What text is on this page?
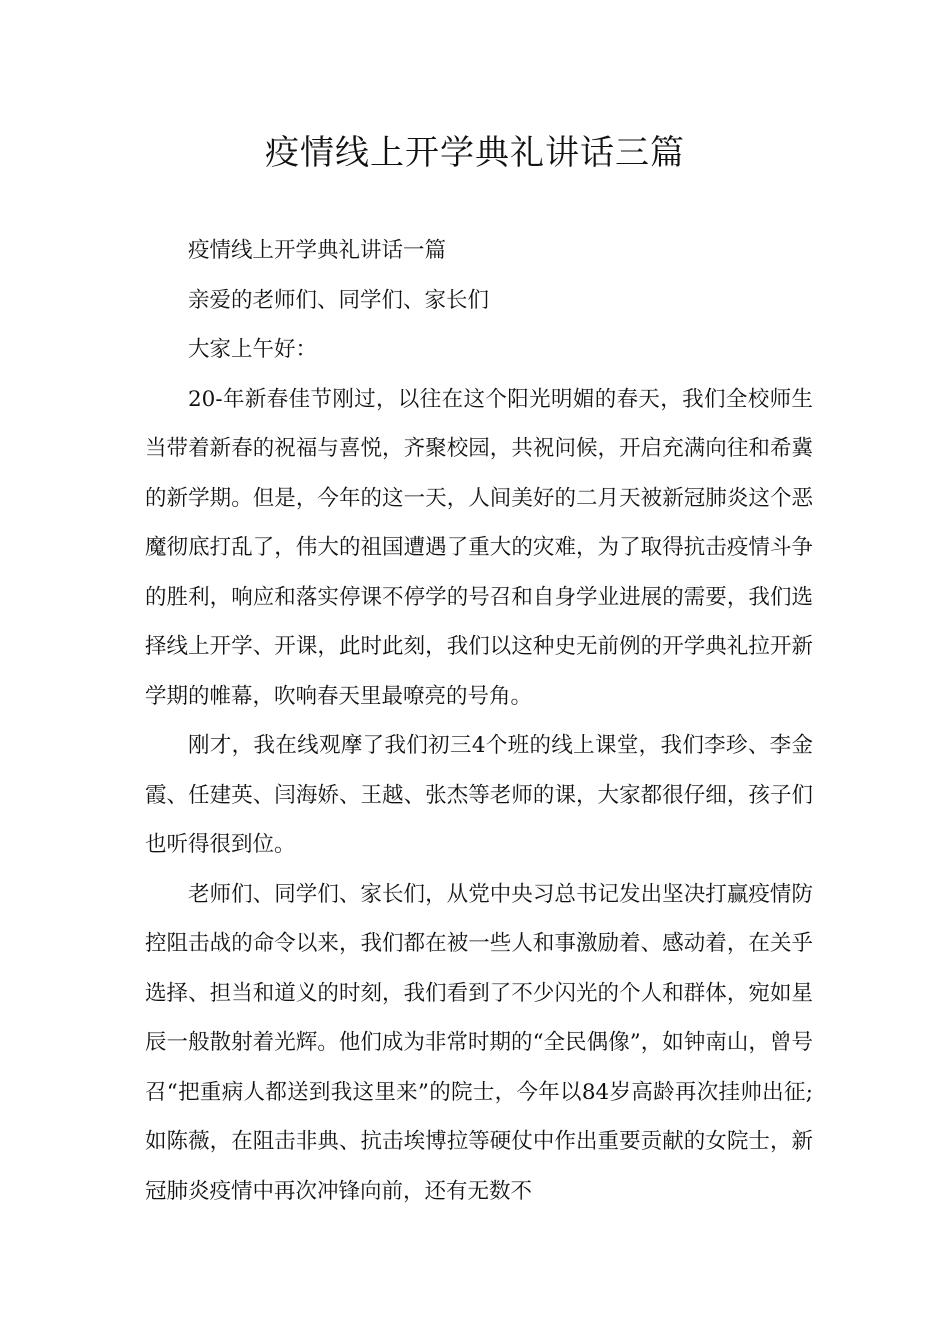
疫情线上开学典礼讲话三篇

疫情线上开学典礼讲话一篇

亲爱的老师们、同学们、家长们

大家上午好：

20-年新春佳节刚过，以往在这个阳光明媚的春天，我们全校师生当带着新春的祝福与喜悦，齐聚校园，共祝问候，开启充满向往和希冀的新学期。但是，今年的这一天，人间美好的二月天被新冠肺炎这个恶魔彻底打乱了，伟大的祖国遭遇了重大的灾难，为了取得抗击疫情斗争的胜利，响应和落实停课不停学的号召和自身学业进展的需要，我们选择线上开学、开课，此时此刻，我们以这种史无前例的开学典礼拉开新学期的帷幕，吹响春天里最嘹亮的号角。

刚才，我在线观摩了我们初三4个班的线上课堂，我们李珍、李金霞、任建英、闫海娇、王越、张杰等老师的课，大家都很仔细，孩子们也听得很到位。

老师们、同学们、家长们，从党中央习总书记发出坚决打赢疫情防控阻击战的命令以来，我们都在被一些人和事激励着、感动着，在关乎选择、担当和道义的时刻，我们看到了不少闪光的个人和群体，宛如星辰一般散射着光辉。他们成为非常时期的“全民偶像”，如钟南山，曾号召“把重病人都送到我这里来”的院士，今年以84岁高龄再次挂帅出征;如陈薇，在阻击非典、抗击埃博拉等硬仗中作出重要贡献的女院士，新冠肺炎疫情中再次冲锋向前，还有无数不
